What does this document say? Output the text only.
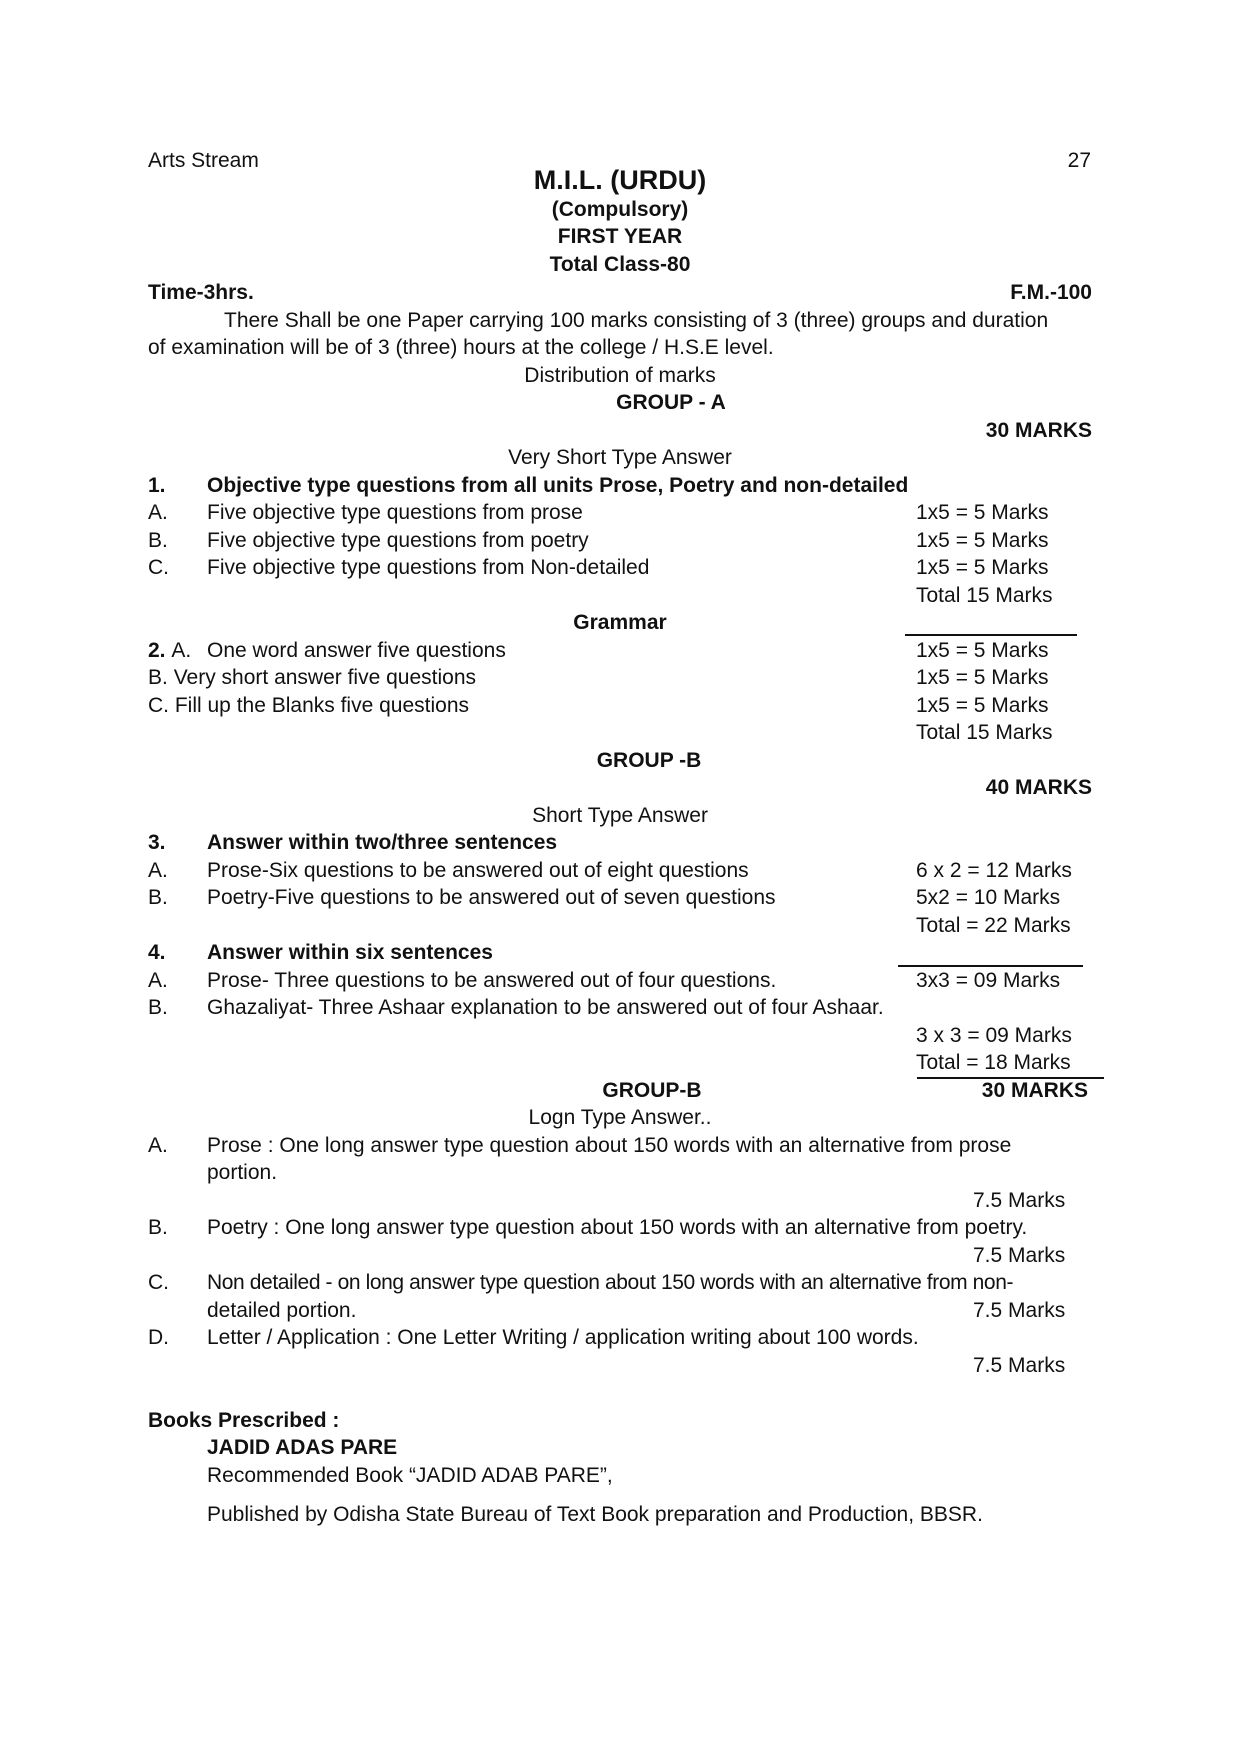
Arts Stream	27
M.I.L. (URDU)
(Compulsory)
FIRST YEAR
Total Class-80
Time-3hrs.	F.M.-100
There Shall be one Paper carrying 100 marks consisting of 3 (three) groups and duration
of examination will be of 3 (three) hours at the college / H.S.E level.
Distribution of marks
GROUP - A
30 MARKS
Very Short Type Answer
1. Objective type questions from all units Prose, Poetry and non-detailed
A. Five objective type questions from prose	1x5 = 5 Marks
B. Five objective type questions from poetry	1x5 = 5 Marks
C. Five objective type questions from Non-detailed	1x5 = 5 Marks
Total 15 Marks
Grammar
2. A. One word answer five questions	1x5 = 5 Marks
B. Very short answer five questions	1x5 = 5 Marks
C. Fill up the Blanks five questions	1x5 = 5 Marks
Total 15 Marks
GROUP -B
40 MARKS
Short Type Answer
3. Answer within two/three sentences
A. Prose-Six questions to be answered out of eight questions	6 x 2 = 12 Marks
B. Poetry-Five questions to be answered out of seven questions	5x2 = 10 Marks
Total = 22 Marks
4. Answer within six sentences
A. Prose- Three questions to be answered out of four questions.	3x3 = 09 Marks
B. Ghazaliyat- Three Ashaar explanation to be answered out of four Ashaar.
3 x 3 = 09 Marks
Total = 18 Marks
GROUP-B	30 MARKS
Logn Type Answer..
A. Prose : One long answer type question about 150 words with an alternative from prose
portion.
7.5 Marks
B. Poetry : One long answer type question about 150 words with an alternative from poetry.
7.5 Marks
C. Non detailed - on long answer type question about 150 words with an alternative from non-
detailed portion.	7.5 Marks
D. Letter / Application : One Letter Writing / application writing about 100 words.
7.5 Marks
Books Prescribed :
JADID ADAS PARE
Recommended Book “JADID ADAB PARE”,
Published by Odisha State Bureau of Text Book preparation and Production, BBSR.
